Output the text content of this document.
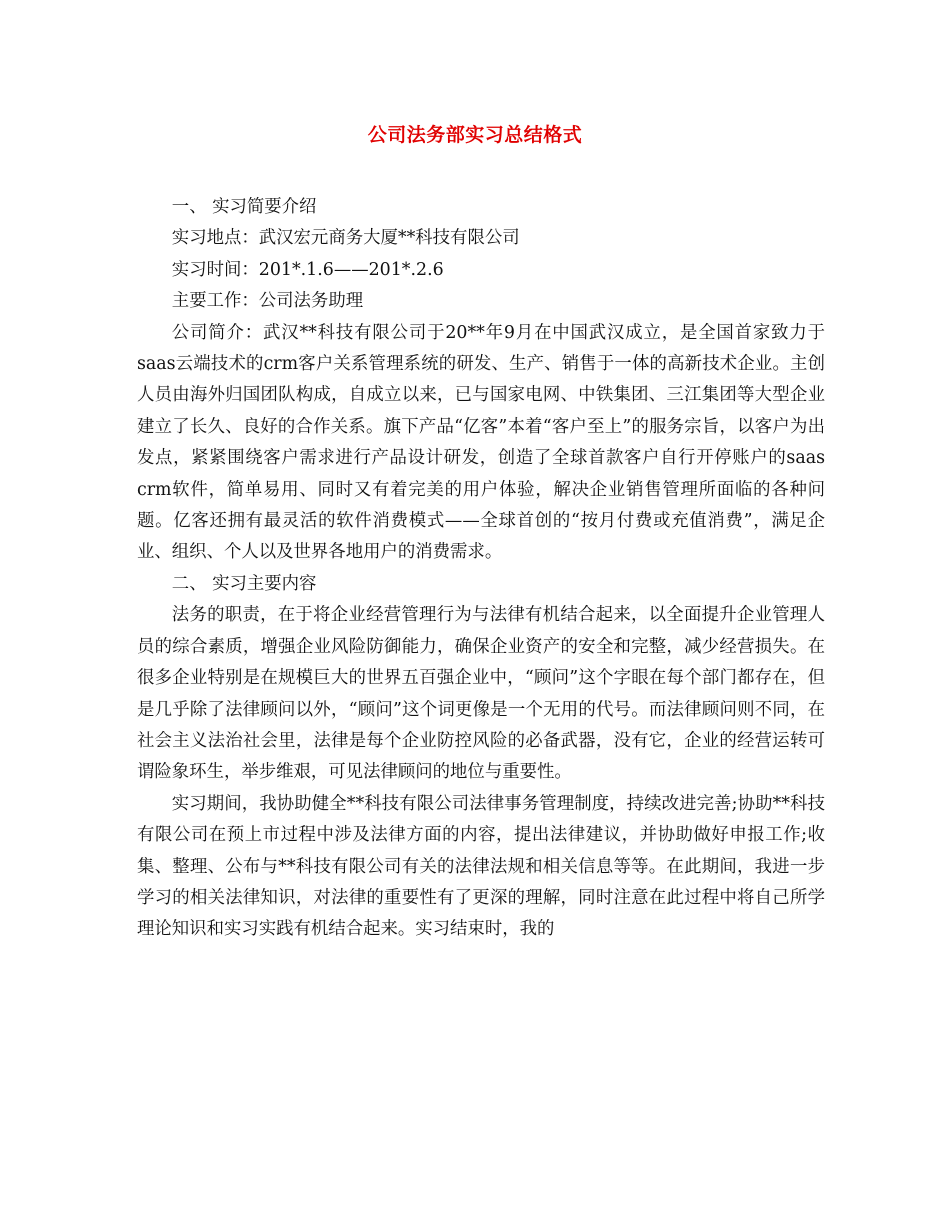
公司法务部实习总结格式

一、 实习简要介绍

实习地点：武汉宏元商务大厦**科技有限公司

实习时间：201*.1.6——201*.2.6

主要工作：公司法务助理

公司简介：武汉**科技有限公司于20**年9月在中国武汉成立，是全国首家致力于saas云端技术的crm客户关系管理系统的研发、生产、销售于一体的高新技术企业。主创人员由海外归国团队构成，自成立以来，已与国家电网、中铁集团、三江集团等大型企业建立了长久、良好的合作关系。旗下产品“亿客”本着“客户至上”的服务宗旨，以客户为出发点，紧紧围绕客户需求进行产品设计研发，创造了全球首款客户自行开停账户的saas crm软件，简单易用、同时又有着完美的用户体验，解决企业销售管理所面临的各种问题。亿客还拥有最灵活的软件消费模式——全球首创的“按月付费或充值消费”，满足企业、组织、个人以及世界各地用户的消费需求。

二、 实习主要内容

法务的职责，在于将企业经营管理行为与法律有机结合起来，以全面提升企业管理人员的综合素质，增强企业风险防御能力，确保企业资产的安全和完整，减少经营损失。在很多企业特别是在规模巨大的世界五百强企业中，“顾问”这个字眼在每个部门都存在，但是几乎除了法律顾问以外，“顾问”这个词更像是一个无用的代号。而法律顾问则不同，在社会主义法治社会里，法律是每个企业防控风险的必备武器，没有它，企业的经营运转可谓险象环生，举步维艰，可见法律顾问的地位与重要性。

实习期间，我协助健全**科技有限公司法律事务管理制度，持续改进完善;协助**科技有限公司在预上市过程中涉及法律方面的内容，提出法律建议，并协助做好申报工作;收集、整理、公布与**科技有限公司有关的法律法规和相关信息等等。在此期间，我进一步学习的相关法律知识，对法律的重要性有了更深的理解，同时注意在此过程中将自己所学理论知识和实习实践有机结合起来。实习结束时，我的
